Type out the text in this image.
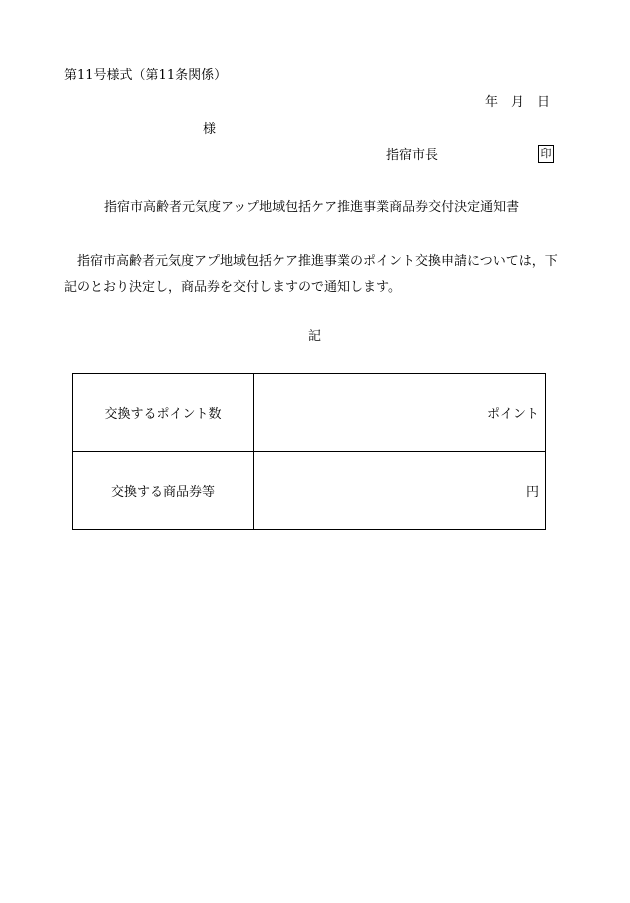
第11号様式（第11条関係）
年　月　日
様
指宿市長	印
指宿市高齢者元気度アップ地域包括ケア推進事業商品券交付決定通知書
指宿市高齢者元気度アプ地域包括ケア推進事業のポイント交換申請については，下記のとおり決定し，商品券を交付しますので通知します。
記
交換するポイント数	ポイント
交換する商品券等	円
